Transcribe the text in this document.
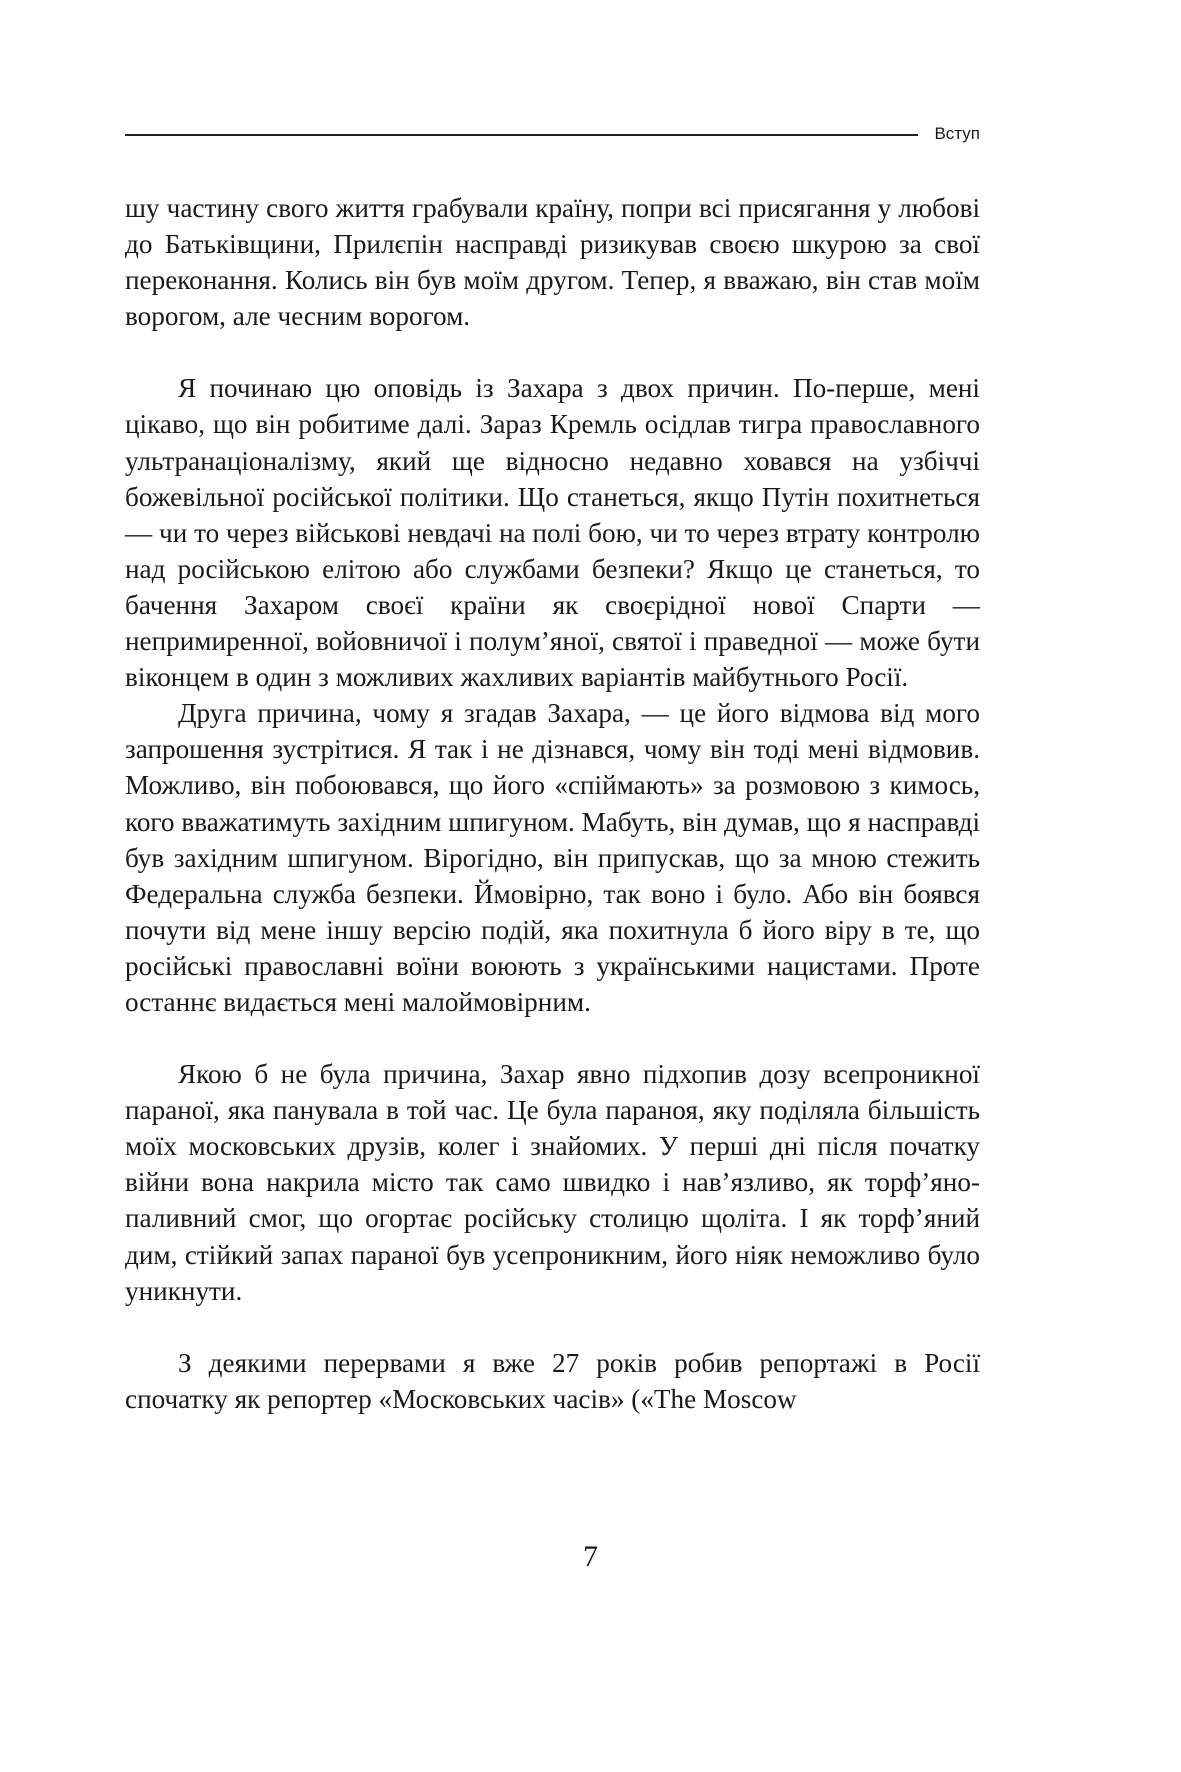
Вступ

шу частину свого життя грабували країну, попри всі присягання у любові до Батьківщини, Прилєпін насправді ризикував своєю шкурою за свої переконання. Колись він був моїм другом. Тепер, я вважаю, він став моїм ворогом, але чесним ворогом.

Я починаю цю оповідь із Захара з двох причин. По-перше, мені цікаво, що він робитиме далі. Зараз Кремль осідлав тигра православного ультранаціоналізму, який ще відносно недавно ховався на узбіччі божевільної російської політики. Що станеться, якщо Путін похитнеться — чи то через військові невдачі на полі бою, чи то через втрату контролю над російською елітою або службами безпеки? Якщо це станеться, то бачення Захаром своєї країни як своєрідної нової Спарти — непримиренної, войовничої і полум’яної, святої і праведної — може бути віконцем в один з можливих жахливих варіантів майбутнього Росії.

Друга причина, чому я згадав Захара, — це його відмова від мого запрошення зустрітися. Я так і не дізнався, чому він тоді мені відмовив. Можливо, він побоювався, що його «спіймають» за розмовою з кимось, кого вважатимуть західним шпигуном. Мабуть, він думав, що я насправді був західним шпигуном. Вірогідно, він припускав, що за мною стежить Федеральна служба безпеки. Ймовірно, так воно і було. Або він боявся почути від мене іншу версію подій, яка похитнула б його віру в те, що російські православні воїни воюють з українськими нацистами. Проте останнє видається мені малоймовірним.

Якою б не була причина, Захар явно підхопив дозу всепроникної параної, яка панувала в той час. Це була параноя, яку поділяла більшість моїх московських друзів, колег і знайомих. У перші дні після початку війни вона накрила місто так само швидко і нав’язливо, як торф’яно-паливний смог, що огортає російську столицю щоліта. І як торф’яний дим, стійкий запах параної був усепроникним, його ніяк неможливо було уникнути.

З деякими перервами я вже 27 років робив репортажі в Росії спочатку як репортер «Московських часів» («The Moscow

7
